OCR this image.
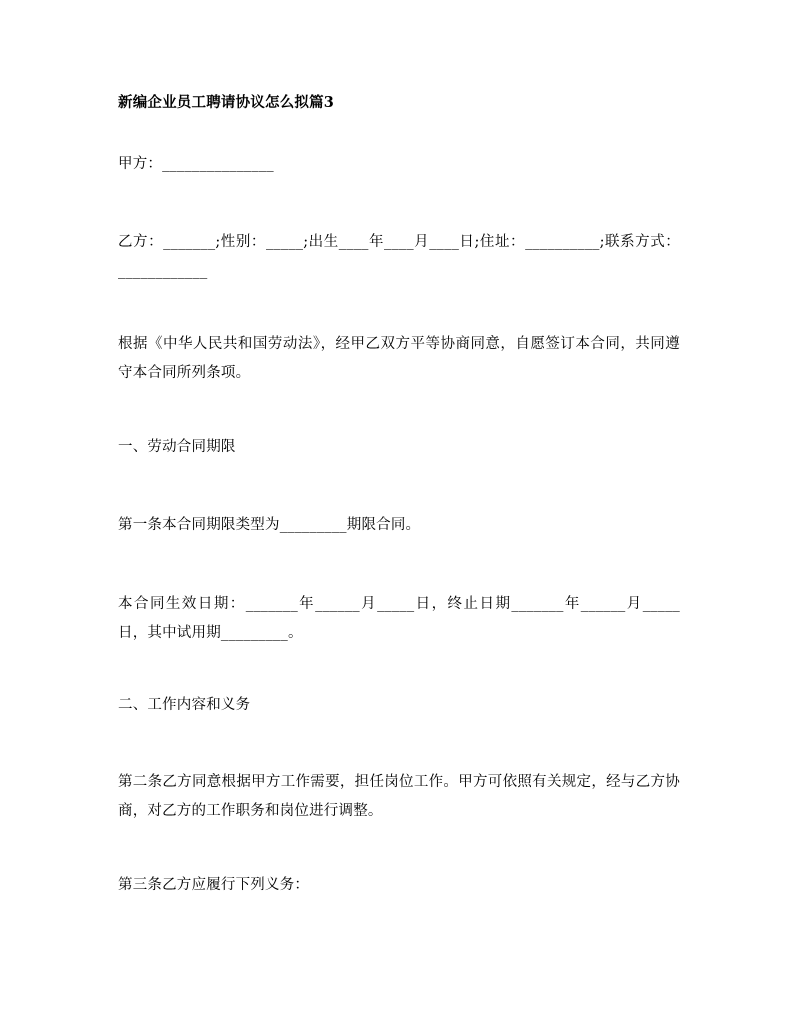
新编企业员工聘请协议怎么拟篇3

甲方：_______________

乙方：_______;性别：_____;出生____年____月____日;住址：__________;联系方式：____________

根据《中华人民共和国劳动法》，经甲乙双方平等协商同意，自愿签订本合同，共同遵守本合同所列条项。

一、劳动合同期限

第一条本合同期限类型为_________期限合同。

本合同生效日期：_______年______月_____日，终止日期_______年______月_____日，其中试用期_________。

二、工作内容和义务

第二条乙方同意根据甲方工作需要，担任岗位工作。甲方可依照有关规定，经与乙方协商，对乙方的工作职务和岗位进行调整。

第三条乙方应履行下列义务：
